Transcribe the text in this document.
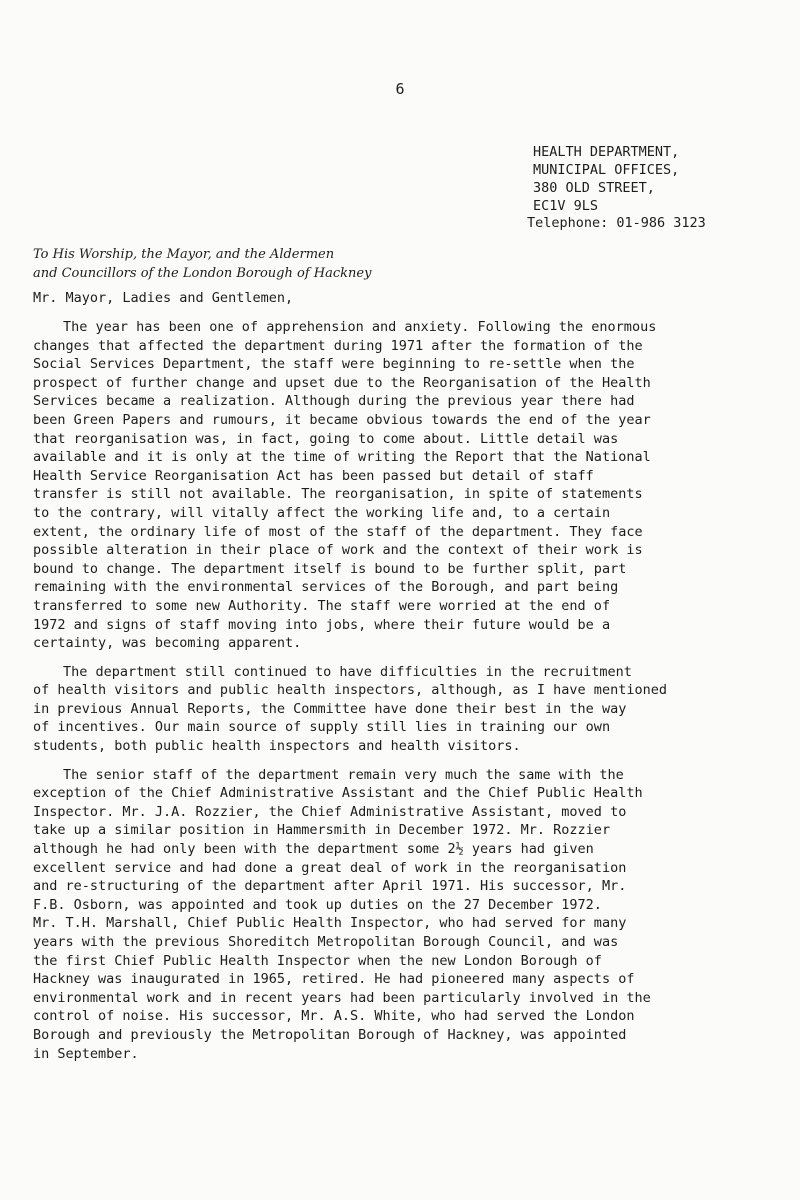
6
HEALTH DEPARTMENT,
MUNICIPAL OFFICES,
380 OLD STREET,
EC1V 9LS
Telephone: 01-986 3123
To His Worship, the Mayor, and the Aldermen
and Councillors of the London Borough of Hackney
Mr. Mayor, Ladies and Gentlemen,

The year has been one of apprehension and anxiety. Following the enormous
changes that affected the department during 1971 after the formation of the
Social Services Department, the staff were beginning to re-settle when the
prospect of further change and upset due to the Reorganisation of the Health
Services became a realization. Although during the previous year there had
been Green Papers and rumours, it became obvious towards the end of the year
that reorganisation was, in fact, going to come about. Little detail was
available and it is only at the time of writing the Report that the National
Health Service Reorganisation Act has been passed but detail of staff
transfer is still not available. The reorganisation, in spite of statements
to the contrary, will vitally affect the working life and, to a certain
extent, the ordinary life of most of the staff of the department. They face
possible alteration in their place of work and the context of their work is
bound to change. The department itself is bound to be further split, part
remaining with the environmental services of the Borough, and part being
transferred to some new Authority. The staff were worried at the end of
1972 and signs of staff moving into jobs, where their future would be a
certainty, was becoming apparent.

The department still continued to have difficulties in the recruitment
of health visitors and public health inspectors, although, as I have mentioned
in previous Annual Reports, the Committee have done their best in the way
of incentives. Our main source of supply still lies in training our own
students, both public health inspectors and health visitors.

The senior staff of the department remain very much the same with the
exception of the Chief Administrative Assistant and the Chief Public Health
Inspector. Mr. J.A. Rozzier, the Chief Administrative Assistant, moved to
take up a similar position in Hammersmith in December 1972. Mr. Rozzier
although he had only been with the department some 2½ years had given
excellent service and had done a great deal of work in the reorganisation
and re-structuring of the department after April 1971. His successor, Mr.
F.B. Osborn, was appointed and took up duties on the 27 December 1972.
Mr. T.H. Marshall, Chief Public Health Inspector, who had served for many
years with the previous Shoreditch Metropolitan Borough Council, and was
the first Chief Public Health Inspector when the new London Borough of
Hackney was inaugurated in 1965, retired. He had pioneered many aspects of
environmental work and in recent years had been particularly involved in the
control of noise. His successor, Mr. A.S. White, who had served the London
Borough and previously the Metropolitan Borough of Hackney, was appointed
in September.
